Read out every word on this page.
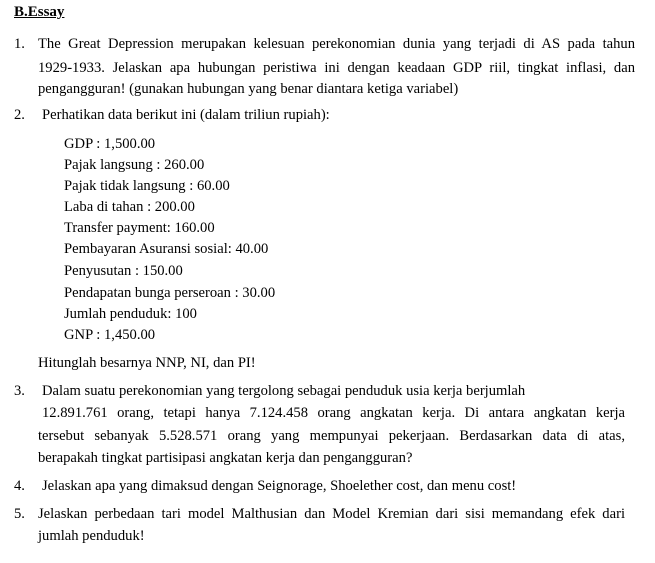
B.Essay
1. The Great Depression merupakan kelesuan perekonomian dunia yang terjadi di AS pada tahun
1929-1933. Jelaskan apa hubungan peristiwa ini dengan keadaan GDP riil, tingkat inflasi, dan
pengangguran! (gunakan hubungan yang benar diantara ketiga variabel)
2. Perhatikan data berikut ini (dalam triliun rupiah):
GDP : 1,500.00
Pajak langsung : 260.00
Pajak tidak langsung : 60.00
Laba di tahan : 200.00
Transfer payment: 160.00
Pembayaran Asuransi sosial: 40.00
Penyusutan : 150.00
Pendapatan bunga perseroan : 30.00
Jumlah penduduk: 100
GNP : 1,450.00
Hitunglah besarnya NNP, NI, dan PI!
3. Dalam suatu perekonomian yang tergolong sebagai penduduk usia kerja berjumlah
12.891.761 orang, tetapi hanya 7.124.458 orang angkatan kerja. Di antara angkatan kerja
tersebut sebanyak 5.528.571 orang yang mempunyai pekerjaan. Berdasarkan data di atas,
berapakah tingkat partisipasi angkatan kerja dan pengangguran?
4. Jelaskan apa yang dimaksud dengan Seignorage, Shoelether cost, dan menu cost!
5. Jelaskan perbedaan tari model Malthusian dan Model Kremian dari sisi memandang efek dari
jumlah penduduk!
